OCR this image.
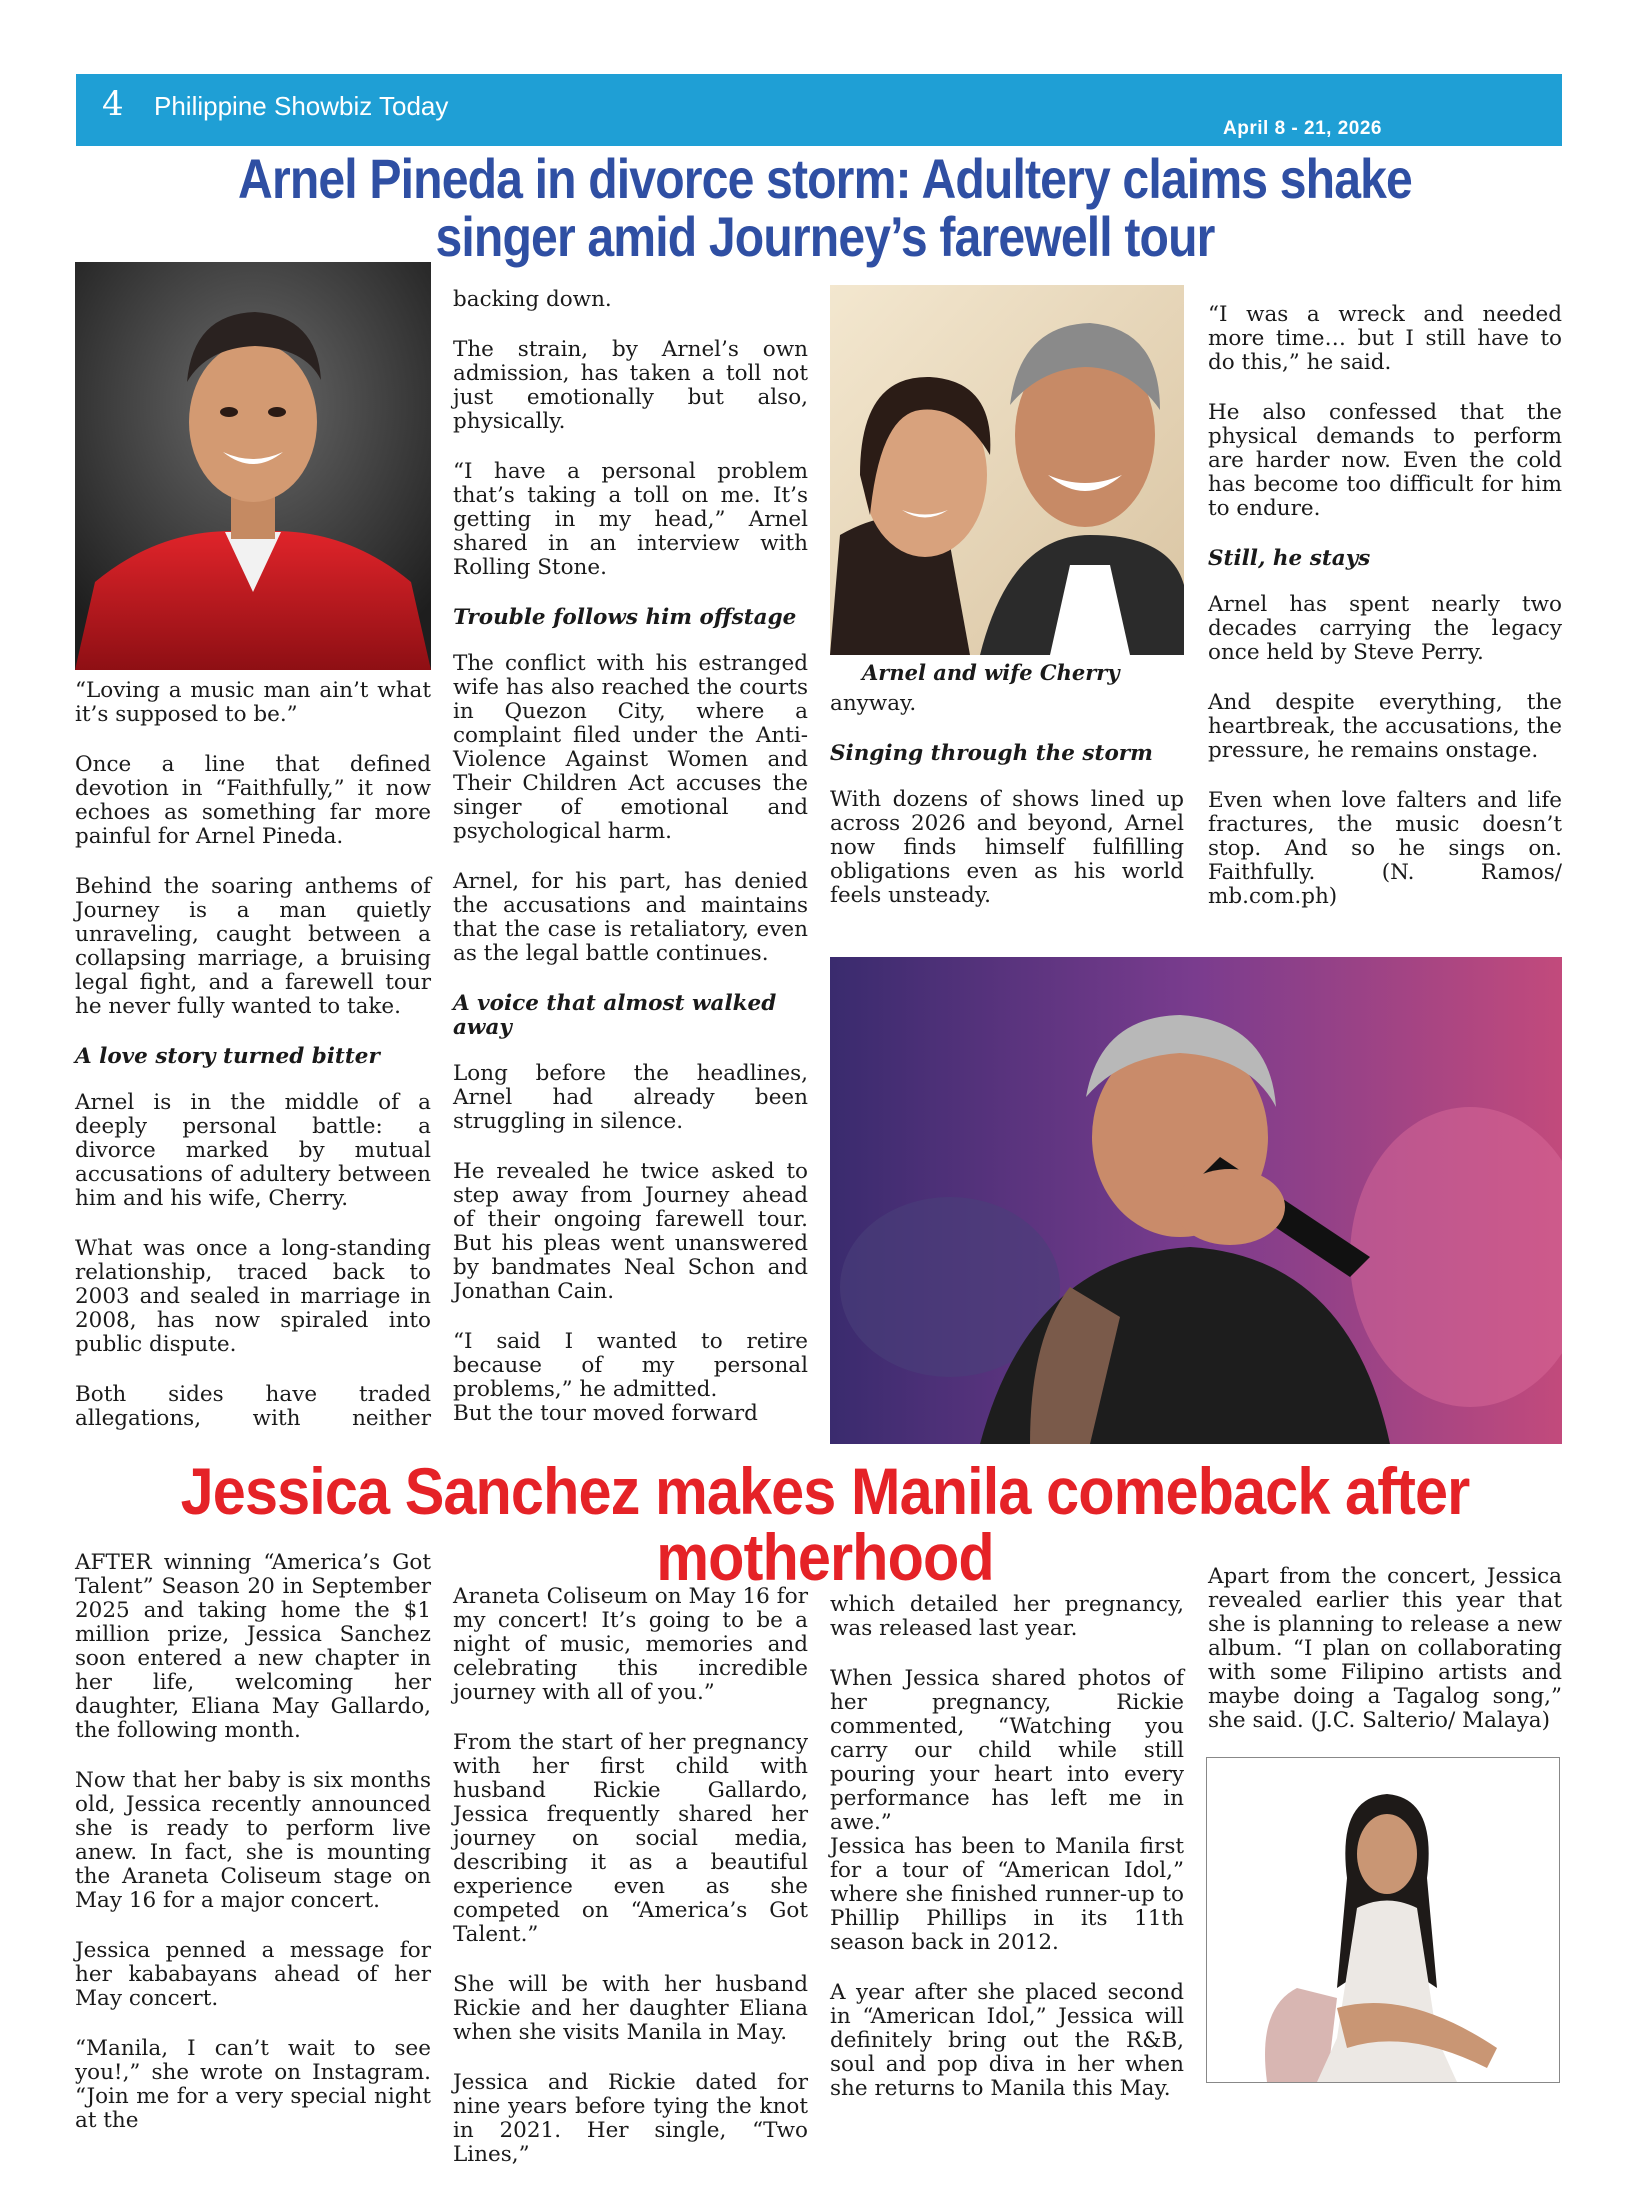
4 Philippine Showbiz Today
April 8 - 21, 2026
Arnel Pineda in divorce storm: Adultery claims shake singer amid Journey’s farewell tour

“Loving a music man ain’t what it’s supposed to be.”

Once a line that defined devotion in “Faithfully,” it now echoes as something far more painful for Arnel Pineda.

Behind the soaring anthems of Journey is a man quietly unraveling, caught between a collapsing marriage, a bruising legal fight, and a farewell tour he never fully wanted to take.

A love story turned bitter

Arnel is in the middle of a deeply personal battle: a divorce marked by mutual accusations of adultery between him and his wife, Cherry.

What was once a long-standing relationship, traced back to 2003 and sealed in marriage in 2008, has now spiraled into public dispute.

Both sides have traded allegations, with neither

backing down.

The strain, by Arnel’s own admission, has taken a toll not just emotionally but also, physically.

“I have a personal problem that’s taking a toll on me. It’s getting in my head,” Arnel shared in an interview with Rolling Stone.

Trouble follows him offstage

The conflict with his estranged wife has also reached the courts in Quezon City, where a complaint filed under the Anti-Violence Against Women and Their Children Act accuses the singer of emotional and psychological harm.

Arnel, for his part, has denied the accusations and maintains that the case is retaliatory, even as the legal battle continues.

A voice that almost walked away

Long before the headlines, Arnel had already been struggling in silence.

He revealed he twice asked to step away from Journey ahead of their ongoing farewell tour. But his pleas went unanswered by bandmates Neal Schon and Jonathan Cain.

“I said I wanted to retire because of my personal problems,” he admitted.

But the tour moved forward

Arnel and wife Cherry

anyway.

Singing through the storm

With dozens of shows lined up across 2026 and beyond, Arnel now finds himself fulfilling obligations even as his world feels unsteady.

“I was a wreck and needed more time… but I still have to do this,” he said.

He also confessed that the physical demands to perform are harder now. Even the cold has become too difficult for him to endure.

Still, he stays

Arnel has spent nearly two decades carrying the legacy once held by Steve Perry.

And despite everything, the heartbreak, the accusations, the pressure, he remains onstage.

Even when love falters and life fractures, the music doesn’t stop. And so he sings on. Faithfully. (N. Ramos/ mb.com.ph)

Jessica Sanchez makes Manila comeback after motherhood

AFTER winning “America’s Got Talent” Season 20 in September 2025 and taking home the $1 million prize, Jessica Sanchez soon entered a new chapter in her life, welcoming her daughter, Eliana May Gallardo, the following month.

Now that her baby is six months old, Jessica recently announced she is ready to perform live anew. In fact, she is mounting the Araneta Coliseum stage on May 16 for a major concert.

Jessica penned a message for her kababayans ahead of her May concert.

“Manila, I can’t wait to see you!,” she wrote on Instagram. “Join me for a very special night at the

Araneta Coliseum on May 16 for my concert! It’s going to be a night of music, memories and celebrating this incredible journey with all of you.”

From the start of her pregnancy with her first child with husband Rickie Gallardo, Jessica frequently shared her journey on social media, describing it as a beautiful experience even as she competed on “America’s Got Talent.”

She will be with her husband Rickie and her daughter Eliana when she visits Manila in May.

Jessica and Rickie dated for nine years before tying the knot in 2021. Her single, “Two Lines,”

which detailed her pregnancy, was released last year.

When Jessica shared photos of her pregnancy, Rickie commented, “Watching you carry our child while still pouring your heart into every performance has left me in awe.”

Jessica has been to Manila first for a tour of “American Idol,” where she finished runner-up to Phillip Phillips in its 11th season back in 2012.

A year after she placed second in “American Idol,” Jessica will definitely bring out the R&B, soul and pop diva in her when she returns to Manila this May.

Apart from the concert, Jessica revealed earlier this year that she is planning to release a new album. “I plan on collaborating with some Filipino artists and maybe doing a Tagalog song,” she said. (J.C. Salterio/ Malaya)
